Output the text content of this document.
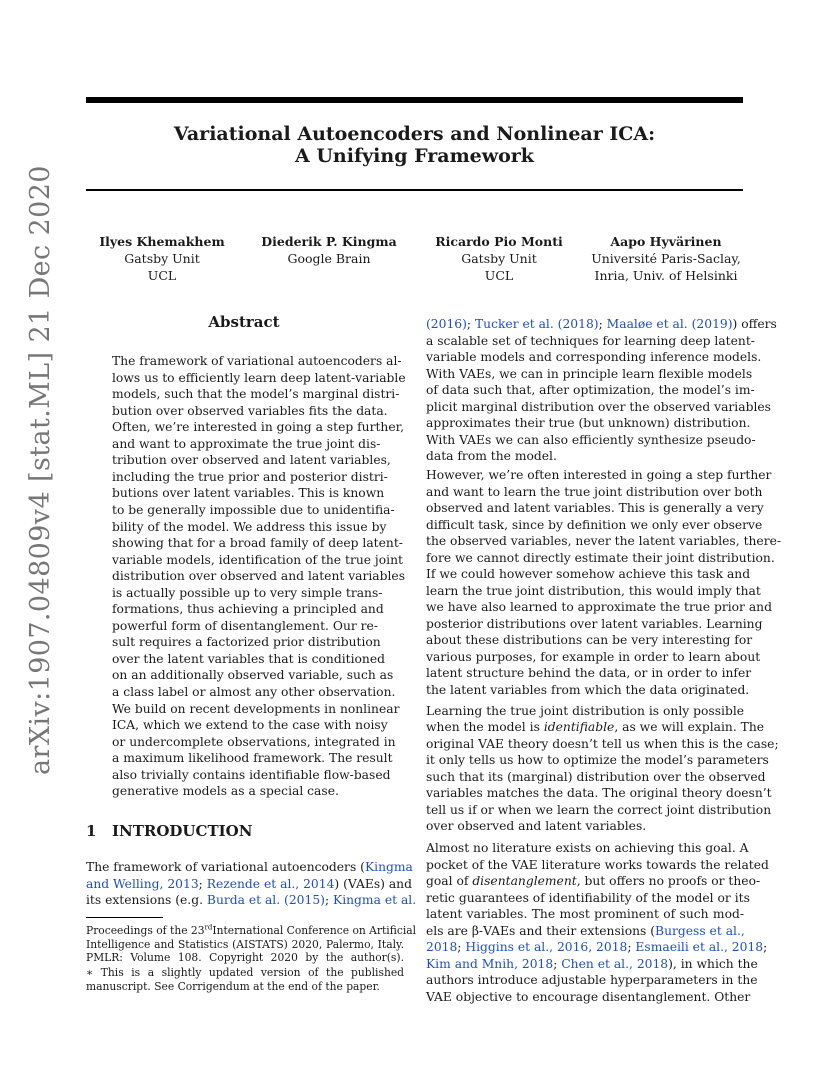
arXiv:1907.04809v4 [stat.ML] 21 Dec 2020
Variational Autoencoders and Nonlinear ICA:
A Unifying Framework
Ilyes Khemakhem
Gatsby Unit
UCL
Diederik P. Kingma
Google Brain
Ricardo Pio Monti
Gatsby Unit
UCL
Aapo Hyvärinen
Université Paris-Saclay,
Inria, Univ. of Helsinki
Abstract
The framework of variational autoencoders al-
lows us to efficiently learn deep latent-variable
models, such that the model’s marginal distri-
bution over observed variables fits the data.
Often, we’re interested in going a step further,
and want to approximate the true joint dis-
tribution over observed and latent variables,
including the true prior and posterior distri-
butions over latent variables. This is known
to be generally impossible due to unidentifia-
bility of the model. We address this issue by
showing that for a broad family of deep latent-
variable models, identification of the true joint
distribution over observed and latent variables
is actually possible up to very simple trans-
formations, thus achieving a principled and
powerful form of disentanglement. Our re-
sult requires a factorized prior distribution
over the latent variables that is conditioned
on an additionally observed variable, such as
a class label or almost any other observation.
We build on recent developments in nonlinear
ICA, which we extend to the case with noisy
or undercomplete observations, integrated in
a maximum likelihood framework. The result
also trivially contains identifiable flow-based
generative models as a special case.
1 INTRODUCTION
The framework of variational autoencoders (Kingma
and Welling, 2013; Rezende et al., 2014) (VAEs) and
its extensions (e.g. Burda et al. (2015); Kingma et al.
Proceedings of the 23rdInternational Conference on Artificial
Intelligence and Statistics (AISTATS) 2020, Palermo, Italy.
PMLR: Volume 108. Copyright 2020 by the author(s).
∗ This is a slightly updated version of the published
manuscript. See Corrigendum at the end of the paper.
(2016); Tucker et al. (2018); Maaløe et al. (2019)) offers
a scalable set of techniques for learning deep latent-
variable models and corresponding inference models.
With VAEs, we can in principle learn flexible models
of data such that, after optimization, the model’s im-
plicit marginal distribution over the observed variables
approximates their true (but unknown) distribution.
With VAEs we can also efficiently synthesize pseudo-
data from the model.
However, we’re often interested in going a step further
and want to learn the true joint distribution over both
observed and latent variables. This is generally a very
difficult task, since by definition we only ever observe
the observed variables, never the latent variables, there-
fore we cannot directly estimate their joint distribution.
If we could however somehow achieve this task and
learn the true joint distribution, this would imply that
we have also learned to approximate the true prior and
posterior distributions over latent variables. Learning
about these distributions can be very interesting for
various purposes, for example in order to learn about
latent structure behind the data, or in order to infer
the latent variables from which the data originated.
Learning the true joint distribution is only possible
when the model is identifiable, as we will explain. The
original VAE theory doesn’t tell us when this is the case;
it only tells us how to optimize the model’s parameters
such that its (marginal) distribution over the observed
variables matches the data. The original theory doesn’t
tell us if or when we learn the correct joint distribution
over observed and latent variables.
Almost no literature exists on achieving this goal. A
pocket of the VAE literature works towards the related
goal of disentanglement, but offers no proofs or theo-
retic guarantees of identifiability of the model or its
latent variables. The most prominent of such mod-
els are β-VAEs and their extensions (Burgess et al.,
2018; Higgins et al., 2016, 2018; Esmaeili et al., 2018;
Kim and Mnih, 2018; Chen et al., 2018), in which the
authors introduce adjustable hyperparameters in the
VAE objective to encourage disentanglement. Other
